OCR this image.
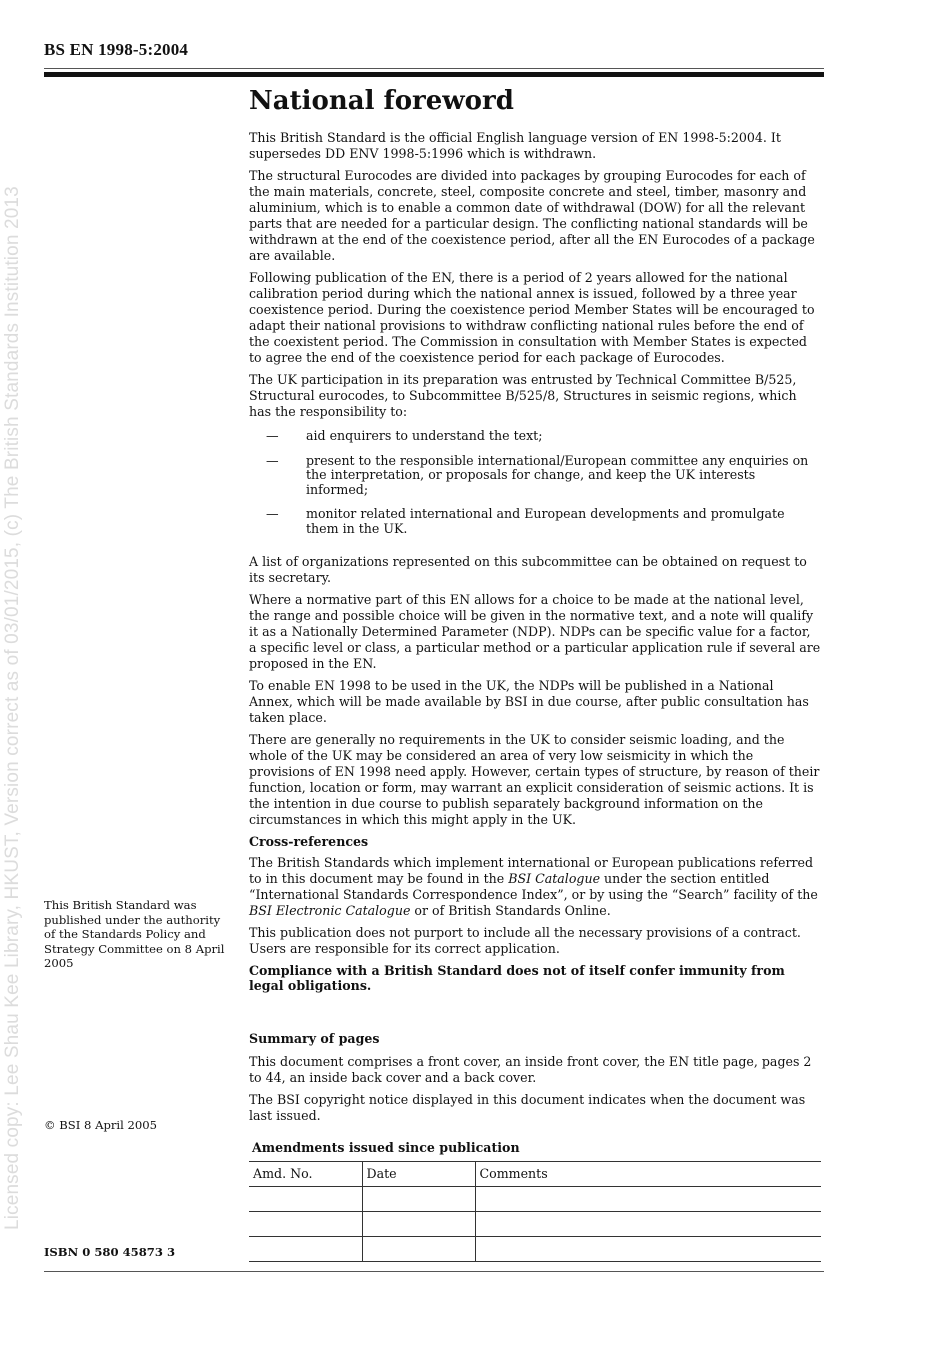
BS EN 1998-5:2004
Licensed copy: Lee Shau Kee Library, HKUST, Version correct as of 03/01/2015, (c) The British Standards Institution 2013
National foreword

This British Standard is the official English language version of EN 1998-5:2004. It supersedes DD ENV 1998-5:1996 which is withdrawn.

The structural Eurocodes are divided into packages by grouping Eurocodes for each of the main materials, concrete, steel, composite concrete and steel, timber, masonry and aluminium, which is to enable a common date of withdrawal (DOW) for all the relevant parts that are needed for a particular design. The conflicting national standards will be withdrawn at the end of the coexistence period, after all the EN Eurocodes of a package are available.

Following publication of the EN, there is a period of 2 years allowed for the national calibration period during which the national annex is issued, followed by a three year coexistence period. During the coexistence period Member States will be encouraged to adapt their national provisions to withdraw conflicting national rules before the end of the coexistent period. The Commission in consultation with Member States is expected to agree the end of the coexistence period for each package of Eurocodes.

The UK participation in its preparation was entrusted by Technical Committee B/525, Structural eurocodes, to Subcommittee B/525/8, Structures in seismic regions, which has the responsibility to:

— aid enquirers to understand the text;
— present to the responsible international/European committee any enquiries on the interpretation, or proposals for change, and keep the UK interests informed;
— monitor related international and European developments and promulgate them in the UK.

A list of organizations represented on this subcommittee can be obtained on request to its secretary.

Where a normative part of this EN allows for a choice to be made at the national level, the range and possible choice will be given in the normative text, and a note will qualify it as a Nationally Determined Parameter (NDP). NDPs can be specific value for a factor, a specific level or class, a particular method or a particular application rule if several are proposed in the EN.

To enable EN 1998 to be used in the UK, the NDPs will be published in a National Annex, which will be made available by BSI in due course, after public consultation has taken place.

There are generally no requirements in the UK to consider seismic loading, and the whole of the UK may be considered an area of very low seismicity in which the provisions of EN 1998 need apply. However, certain types of structure, by reason of their function, location or form, may warrant an explicit consideration of seismic actions. It is the intention in due course to publish separately background information on the circumstances in which this might apply in the UK.

Cross-references

The British Standards which implement international or European publications referred to in this document may be found in the BSI Catalogue under the section entitled “International Standards Correspondence Index”, or by using the “Search” facility of the BSI Electronic Catalogue or of British Standards Online.

This publication does not purport to include all the necessary provisions of a contract. Users are responsible for its correct application.

Compliance with a British Standard does not of itself confer immunity from legal obligations.

Summary of pages

This document comprises a front cover, an inside front cover, the EN title page, pages 2 to 44, an inside back cover and a back cover.

The BSI copyright notice displayed in this document indicates when the document was last issued.

Amendments issued since publication
Amd. No.	Date	Comments

This British Standard was published under the authority of the Standards Policy and Strategy Committee on 8 April 2005
© BSI 8 April 2005
ISBN 0 580 45873 3
